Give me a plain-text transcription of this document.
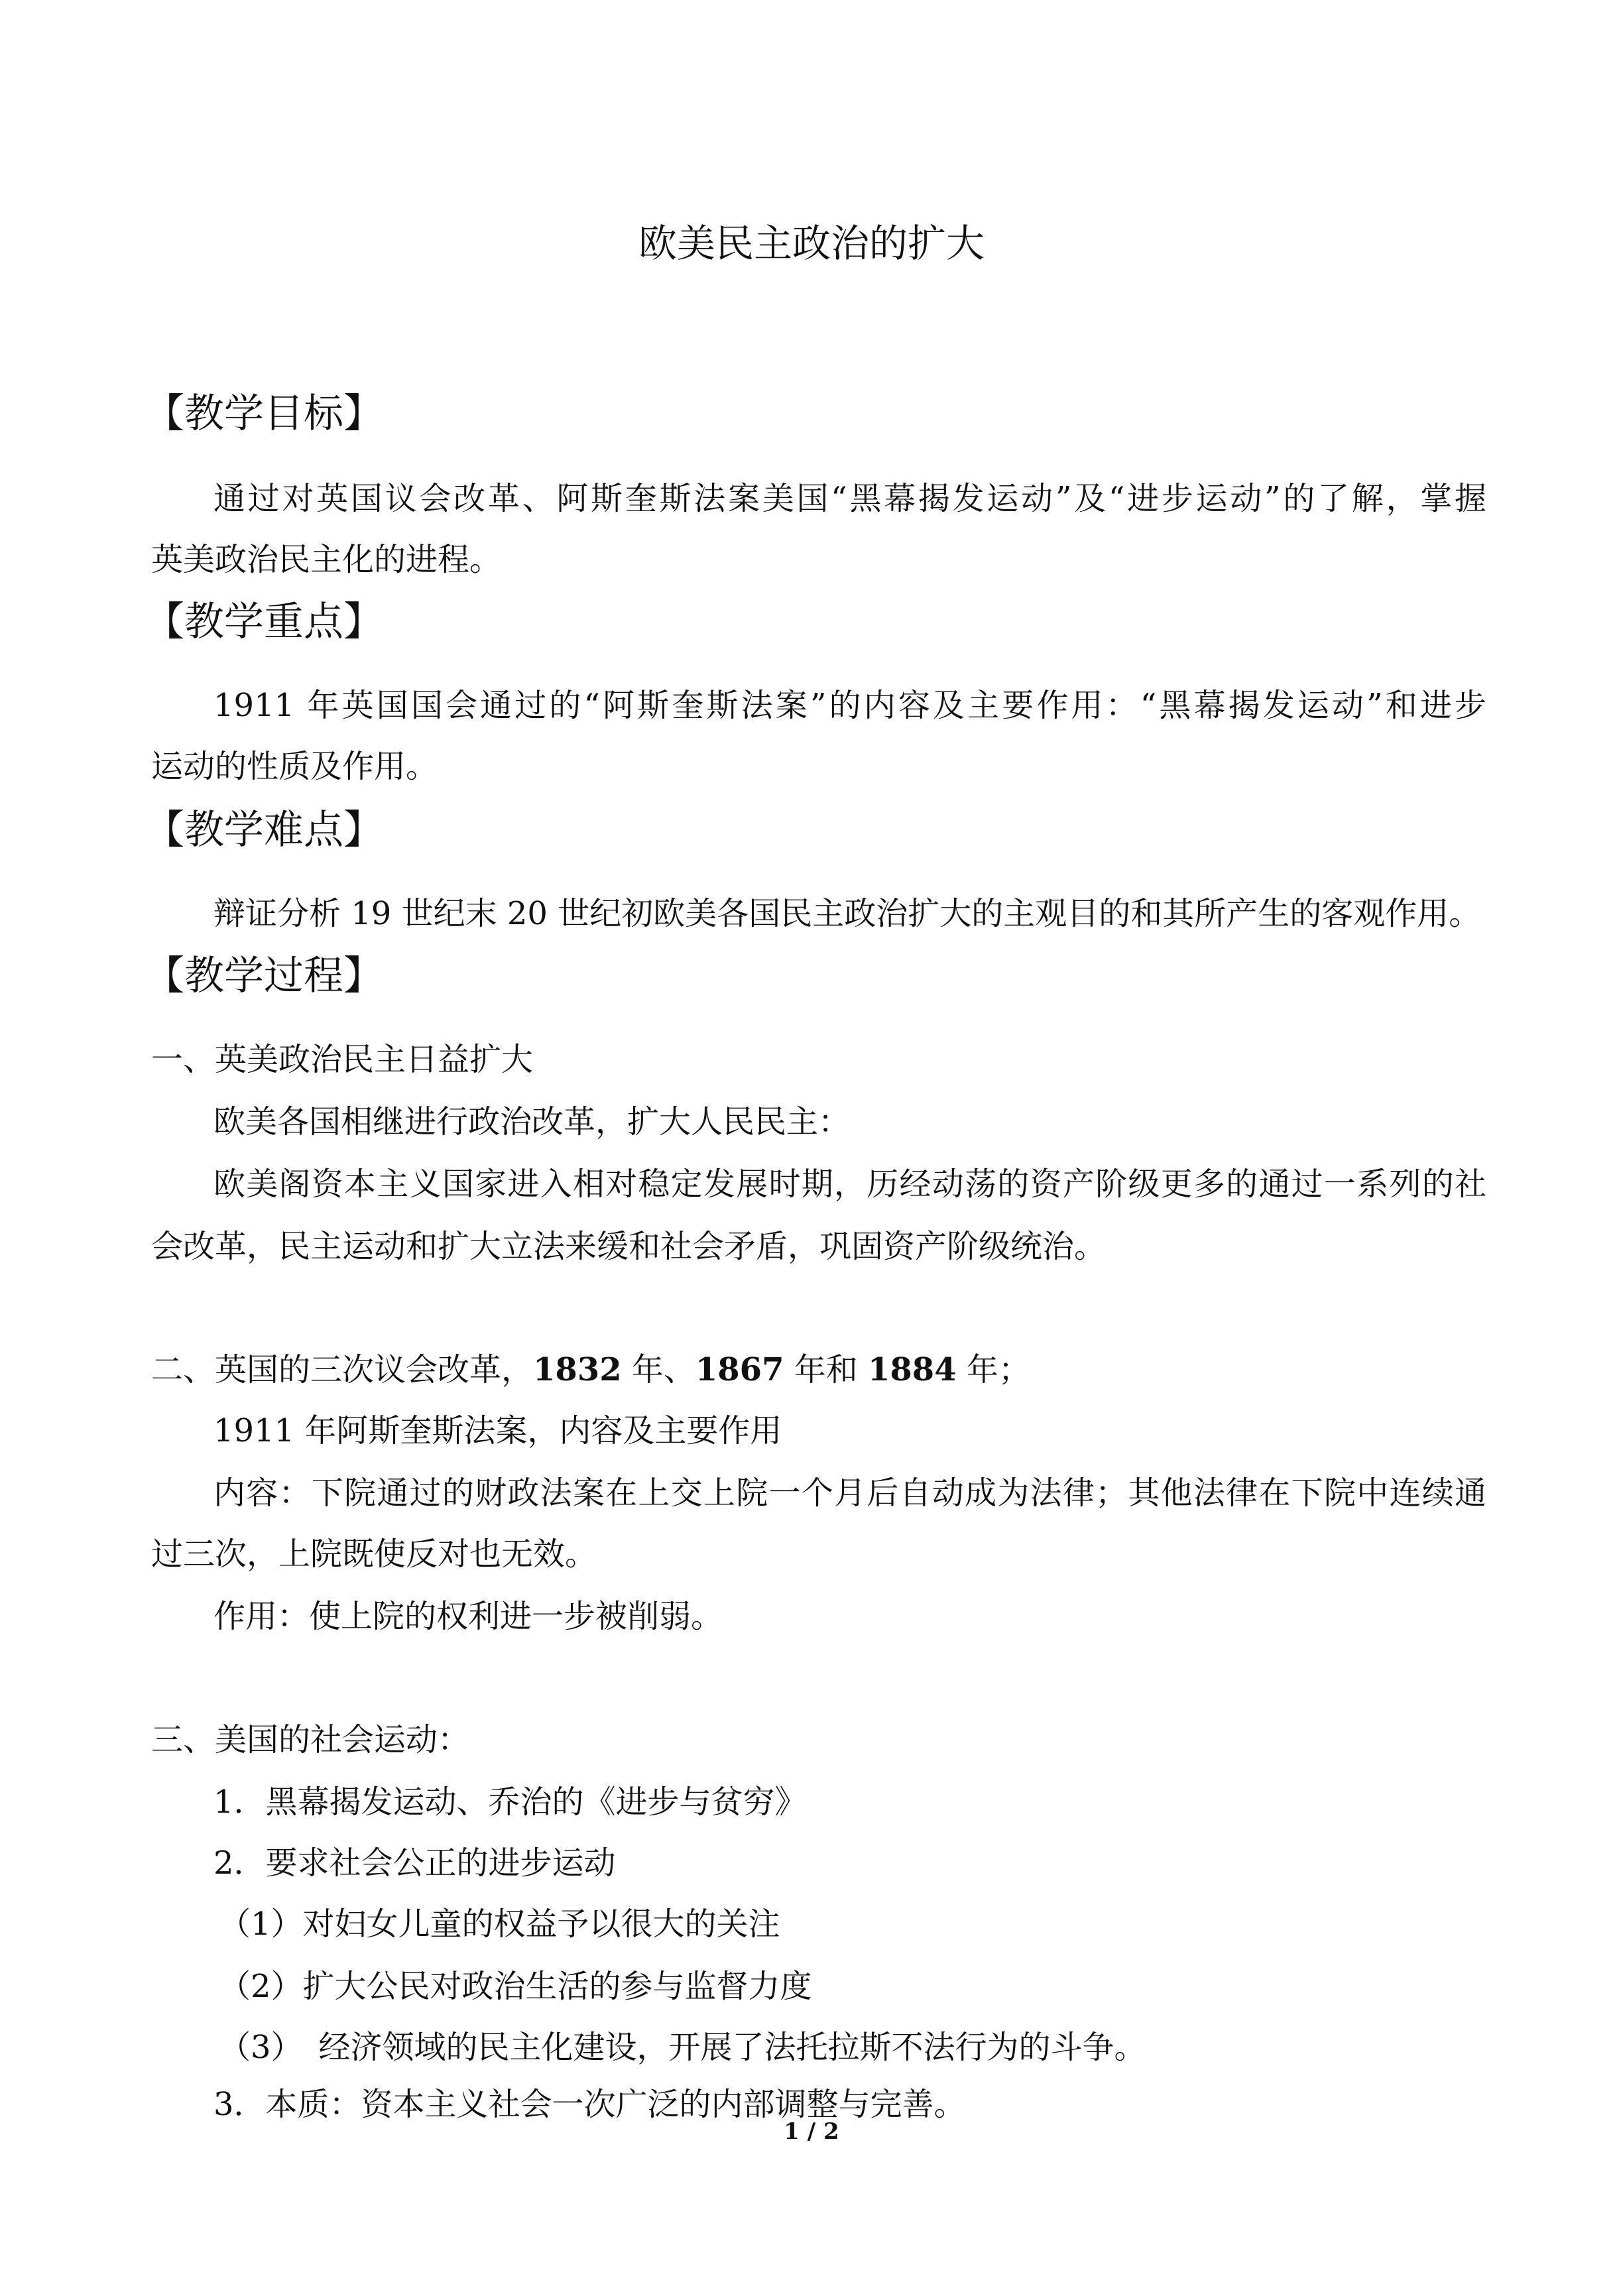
欧美民主政治的扩大
【教学目标】
通过对英国议会改革、阿斯奎斯法案美国“黑幕揭发运动”及“进步运动”的了解，掌握
英美政治民主化的进程。
【教学重点】
1911 年英国国会通过的“阿斯奎斯法案”的内容及主要作用：“黑幕揭发运动”和进步
运动的性质及作用。
【教学难点】
辩证分析 19 世纪末 20 世纪初欧美各国民主政治扩大的主观目的和其所产生的客观作用。
【教学过程】
一、英美政治民主日益扩大
欧美各国相继进行政治改革，扩大人民民主：
欧美阁资本主义国家进入相对稳定发展时期，历经动荡的资产阶级更多的通过一系列的社
会改革，民主运动和扩大立法来缓和社会矛盾，巩固资产阶级统治。
二、英国的三次议会改革，1832 年、1867 年和 1884 年；
1911 年阿斯奎斯法案，内容及主要作用
内容：下院通过的财政法案在上交上院一个月后自动成为法律；其他法律在下院中连续通
过三次，上院既使反对也无效。
作用：使上院的权利进一步被削弱。
三、美国的社会运动：
1．黑幕揭发运动、乔治的《进步与贫穷》
2．要求社会公正的进步运动
（1）对妇女儿童的权益予以很大的关注
（2）扩大公民对政治生活的参与监督力度
（3）　经济领域的民主化建设，开展了法托拉斯不法行为的斗争。
3．本质：资本主义社会一次广泛的内部调整与完善。
1 / 2
